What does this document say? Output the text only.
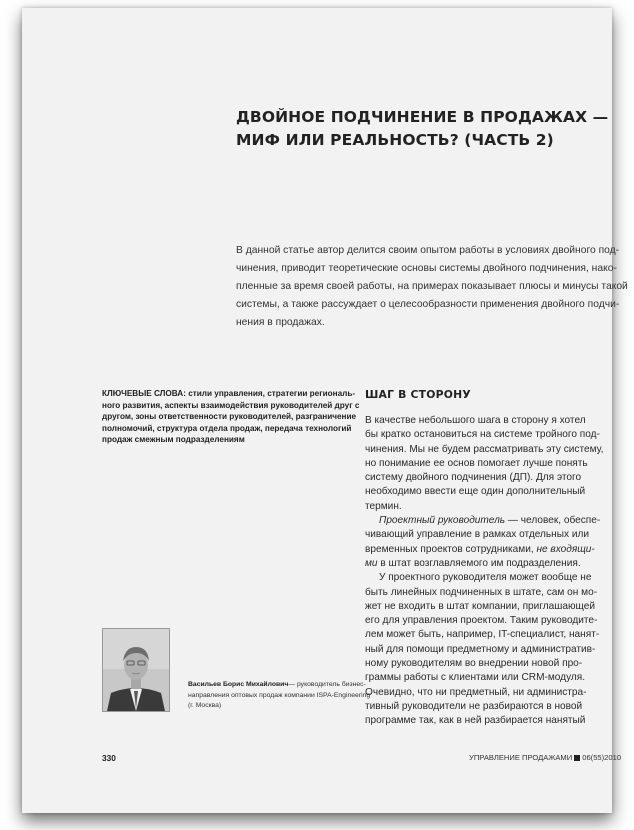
ДВОЙНОЕ ПОДЧИНЕНИЕ В ПРОДАЖАХ —
МИФ ИЛИ РЕАЛЬНОСТЬ? (ЧАСТЬ 2)
В данной статье автор делится своим опытом работы в условиях двойного под-
чинения, приводит теоретические основы системы двойного подчинения, нако-
пленные за время своей работы, на примерах показывает плюсы и минусы такой
системы, а также рассуждает о целесообразности применения двойного подчи-
нения в продажах.
КЛЮЧЕВЫЕ СЛОВА: стили управления, стратегии региональ-
ного развития, аспекты взаимодействия руководителей друг с
другом, зоны ответственности руководителей, разграничение
полномочий, структура отдела продаж, передача технологий
продаж смежным подразделениям
Васильев Борис Михайлович— руководитель бизнес-
направления оптовых продаж компании ISPA-Engineering
(г. Москва)
ШАГ В СТОРОНУ
В качестве небольшого шага в сторону я хотел
бы кратко остановиться на системе тройного под-
чинения. Мы не будем рассматривать эту систему,
но понимание ее основ помогает лучше понять
систему двойного подчинения (ДП). Для этого
необходимо ввести еще один дополнительный
термин.
Проектный руководитель — человек, обеспе-
чивающий управление в рамках отдельных или
временных проектов сотрудниками, не входящи-
ми в штат возглавляемого им подразделения.
У проектного руководителя может вообще не
быть линейных подчиненных в штате, сам он мо-
жет не входить в штат компании, приглашающей
его для управления проектом. Таким руководите-
лем может быть, например, IT-специалист, нанят-
ный для помощи предметному и административ-
ному руководителям во внедрении новой про-
граммы работы с клиентами или CRM-модуля.
Очевидно, что ни предметный, ни администра-
тивный руководители не разбираются в новой
программе так, как в ней разбирается нанятый

330	УПРАВЛЕНИЕ ПРОДАЖАМИ 06(55)2010
